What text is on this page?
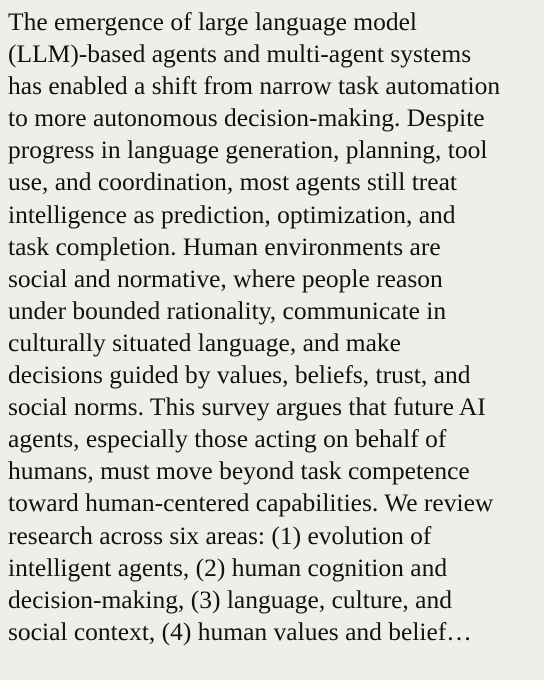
The emergence of large language model
(LLM)-based agents and multi-agent systems
has enabled a shift from narrow task automation
to more autonomous decision-making. Despite
progress in language generation, planning, tool
use, and coordination, most agents still treat
intelligence as prediction, optimization, and
task completion. Human environments are
social and normative, where people reason
under bounded rationality, communicate in
culturally situated language, and make
decisions guided by values, beliefs, trust, and
social norms. This survey argues that future AI
agents, especially those acting on behalf of
humans, must move beyond task competence
toward human-centered capabilities. We review
research across six areas: (1) evolution of
intelligent agents, (2) human cognition and
decision-making, (3) language, culture, and
social context, (4) human values and belief…
